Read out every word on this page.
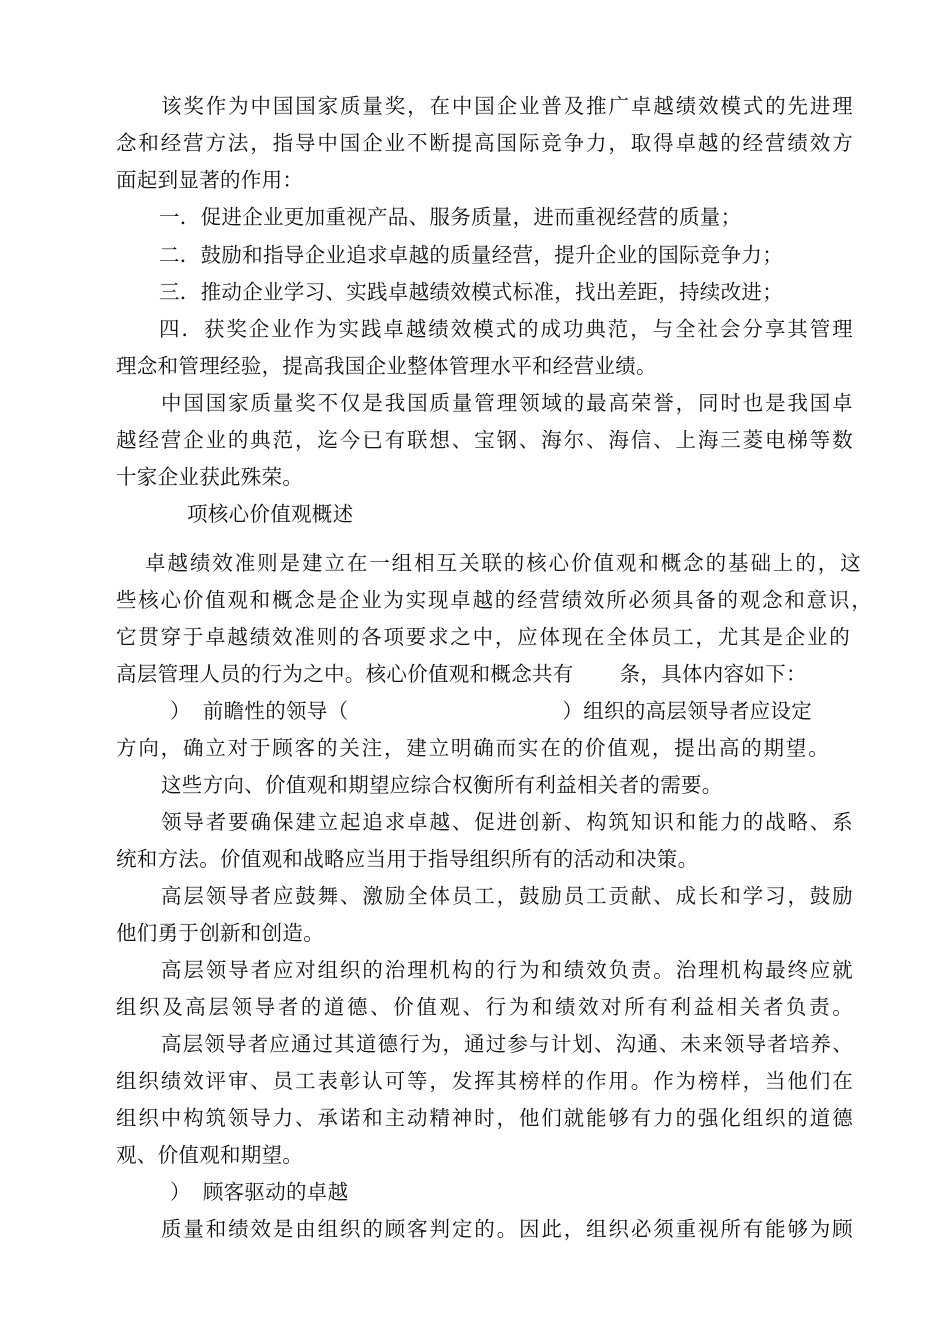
该奖作为中国国家质量奖，在中国企业普及推广卓越绩效模式的先进理
念和经营方法，指导中国企业不断提高国际竞争力，取得卓越的经营绩效方
面起到显著的作用：
一．促进企业更加重视产品、服务质量，进而重视经营的质量；
二．鼓励和指导企业追求卓越的质量经营，提升企业的国际竞争力；
三．推动企业学习、实践卓越绩效模式标准，找出差距，持续改进；
四．获奖企业作为实践卓越绩效模式的成功典范，与全社会分享其管理
理念和管理经验，提高我国企业整体管理水平和经营业绩。
中国国家质量奖不仅是我国质量管理领域的最高荣誉，同时也是我国卓
越经营企业的典范，迄今已有联想、宝钢、海尔、海信、上海三菱电梯等数
十家企业获此殊荣。
项核心价值观概述
卓越绩效准则是建立在一组相互关联的核心价值观和概念的基础上的，这
些核心价值观和概念是企业为实现卓越的经营绩效所必须具备的观念和意识，
它贯穿于卓越绩效准则的各项要求之中，应体现在全体员工，尤其是企业的
高层管理人员的行为之中。核心价值观和概念共有 条，具体内容如下：
） 前瞻性的领导（	）组织的高层领导者应设定
方向，确立对于顾客的关注，建立明确而实在的价值观，提出高的期望。
这些方向、价值观和期望应综合权衡所有利益相关者的需要。
领导者要确保建立起追求卓越、促进创新、构筑知识和能力的战略、系
统和方法。价值观和战略应当用于指导组织所有的活动和决策。
高层领导者应鼓舞、激励全体员工，鼓励员工贡献、成长和学习，鼓励
他们勇于创新和创造。
高层领导者应对组织的治理机构的行为和绩效负责。治理机构最终应就
组织及高层领导者的道德、价值观、行为和绩效对所有利益相关者负责。
高层领导者应通过其道德行为，通过参与计划、沟通、未来领导者培养、
组织绩效评审、员工表彰认可等，发挥其榜样的作用。作为榜样，当他们在
组织中构筑领导力、承诺和主动精神时，他们就能够有力的强化组织的道德
观、价值观和期望。
） 顾客驱动的卓越
质量和绩效是由组织的顾客判定的。因此，组织必须重视所有能够为顾
